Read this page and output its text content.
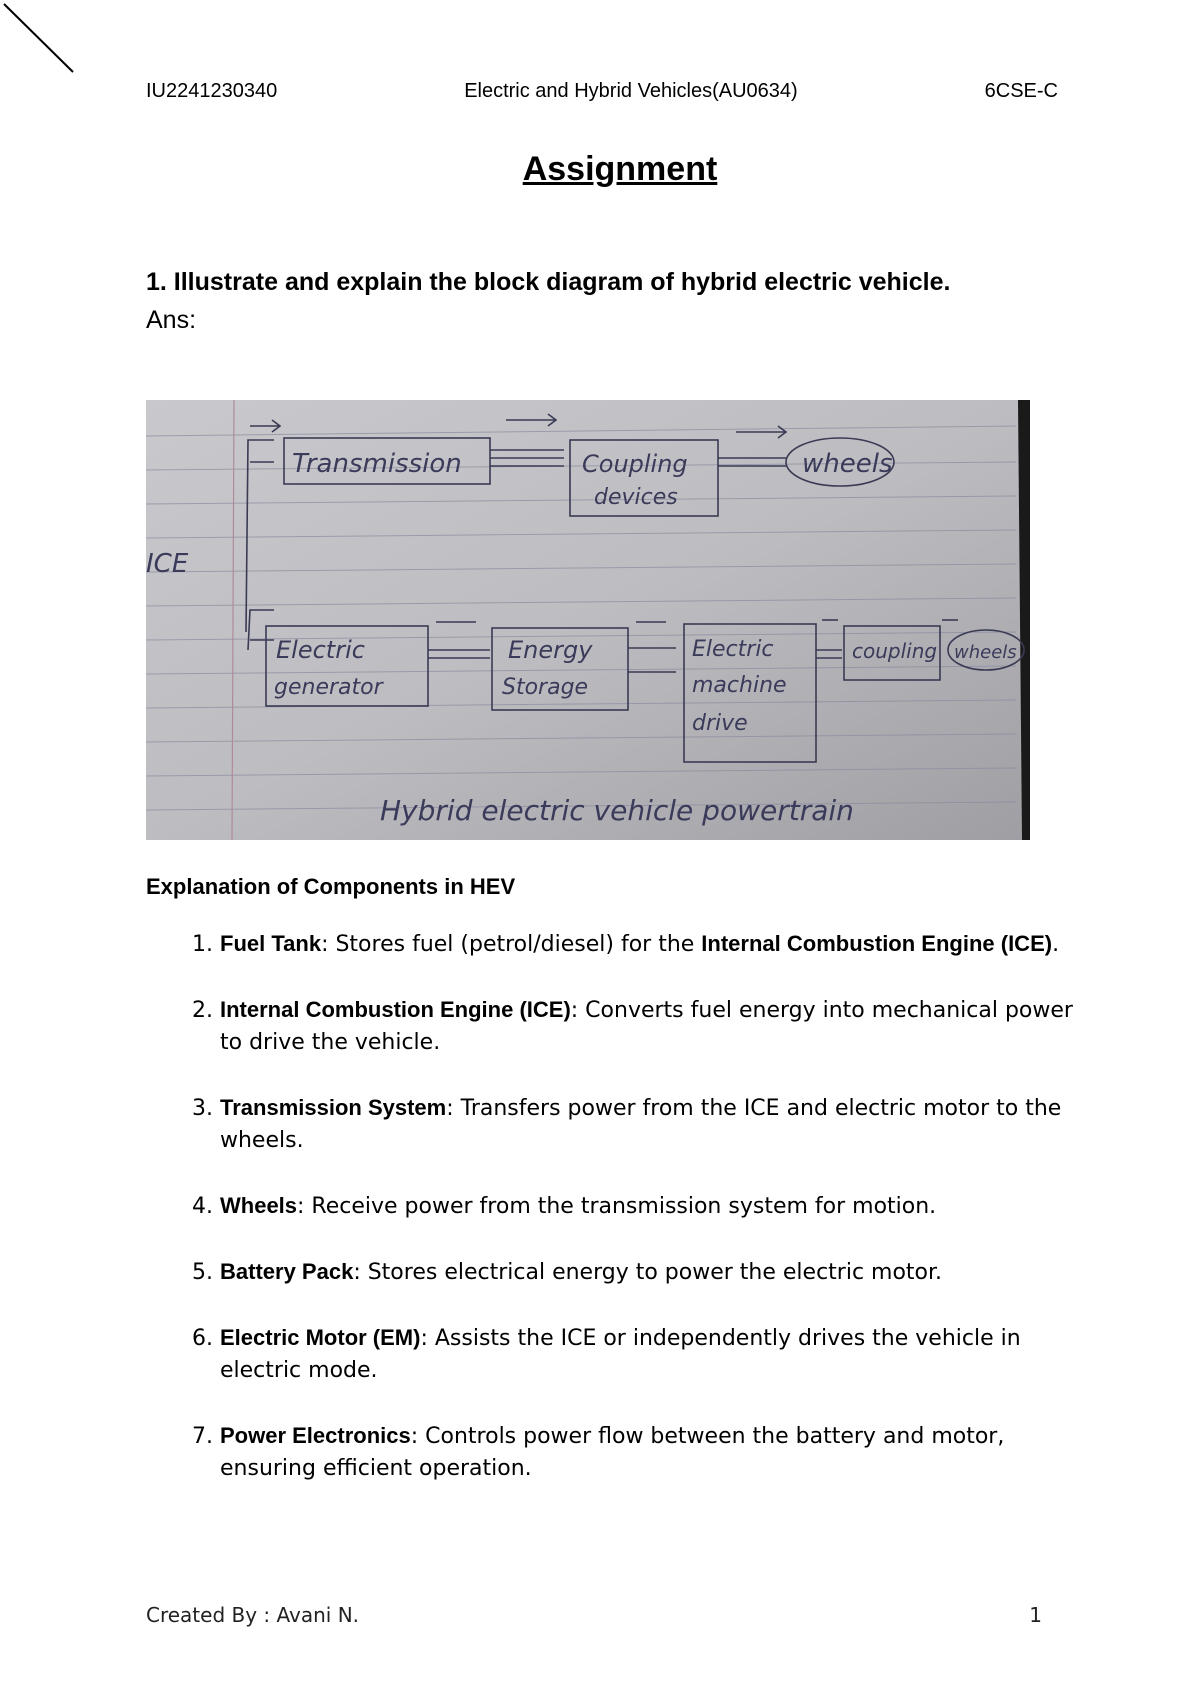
IU2241230340	Electric and Hybrid Vehicles(AU0634)	6CSE-C
Assignment
1. Illustrate and explain the block diagram of hybrid electric vehicle.
Ans:
ICE
Transmission	Coupling
devices
wheels
Electric
generator
Energy
Storage
Electric
machine
drive
coupling wheels
Hybrid electric vehicle powertrain
Explanation of Components in HEV
1. Fuel Tank: Stores fuel (petrol/diesel) for the Internal Combustion Engine (ICE).
2. Internal Combustion Engine (ICE): Converts fuel energy into mechanical power to drive the vehicle.
3. Transmission System: Transfers power from the ICE and electric motor to the wheels.
4. Wheels: Receive power from the transmission system for motion.
5. Battery Pack: Stores electrical energy to power the electric motor.
6. Electric Motor (EM): Assists the ICE or independently drives the vehicle in electric mode.
7. Power Electronics: Controls power flow between the battery and motor, ensuring efficient operation.
Created By : Avani N.	1
